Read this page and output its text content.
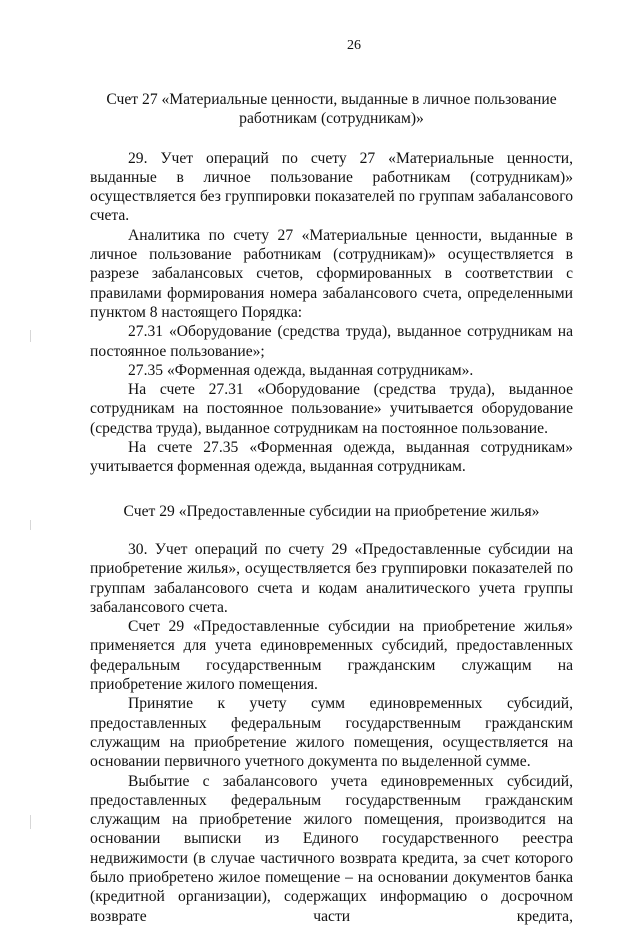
26

Счет 27 «Материальные ценности, выданные в личное пользование работникам (сотрудникам)»

29. Учет операций по счету 27 «Материальные ценности, выданные в личное пользование работникам (сотрудникам)» осуществляется без группировки показателей по группам забалансового счета.

Аналитика по счету 27 «Материальные ценности, выданные в личное пользование работникам (сотрудникам)» осуществляется в разрезе забалансовых счетов, сформированных в соответствии с правилами формирования номера забалансового счета, определенными пунктом 8 настоящего Порядка:

27.31 «Оборудование (средства труда), выданное сотрудникам на постоянное пользование»;

27.35 «Форменная одежда, выданная сотрудникам».

На счете 27.31 «Оборудование (средства труда), выданное сотрудникам на постоянное пользование» учитывается оборудование (средства труда), выданное сотрудникам на постоянное пользование.

На счете 27.35 «Форменная одежда, выданная сотрудникам» учитывается форменная одежда, выданная сотрудникам.

Счет 29 «Предоставленные субсидии на приобретение жилья»

30. Учет операций по счету 29 «Предоставленные субсидии на приобретение жилья», осуществляется без группировки показателей по группам забалансового счета и кодам аналитического учета группы забалансового счета.

Счет 29 «Предоставленные субсидии на приобретение жилья» применяется для учета единовременных субсидий, предоставленных федеральным государственным гражданским служащим на приобретение жилого помещения.

Принятие к учету сумм единовременных субсидий, предоставленных федеральным государственным гражданским служащим на приобретение жилого помещения, осуществляется на основании первичного учетного документа по выделенной сумме.

Выбытие с забалансового учета единовременных субсидий, предоставленных федеральным государственным гражданским служащим на приобретение жилого помещения, производится на основании выписки из Единого государственного реестра недвижимости (в случае частичного возврата кредита, за счет которого было приобретено жилое помещение – на основании документов банка (кредитной организации), содержащих информацию о досрочном возврате части кредита,
